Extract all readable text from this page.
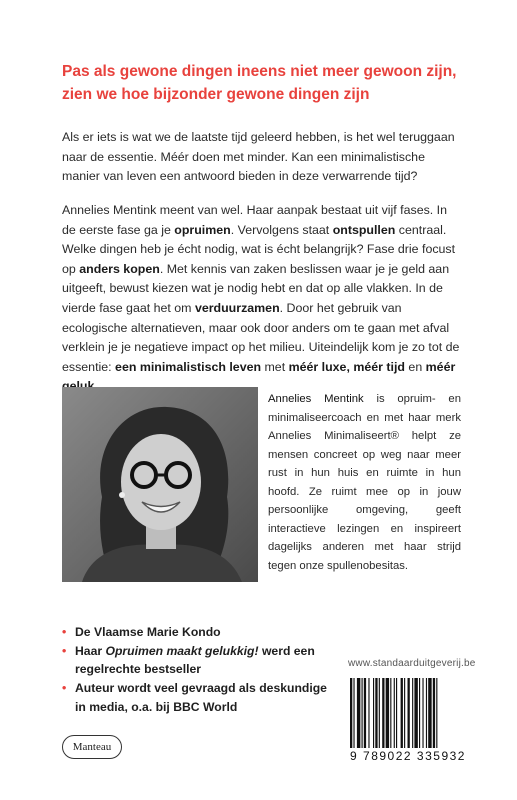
Pas als gewone dingen ineens niet meer gewoon zijn,
zien we hoe bijzonder gewone dingen zijn

Als er iets is wat we de laatste tijd geleerd hebben, is het wel teruggaan naar de essentie. Méér doen met minder. Kan een minimalistische manier van leven een antwoord bieden in deze verwarrende tijd?

Annelies Mentink meent van wel. Haar aanpak bestaat uit vijf fases. In de eerste fase ga je opruimen. Vervolgens staat ontspullen centraal. Welke dingen heb je écht nodig, wat is écht belangrijk? Fase drie focust op anders kopen. Met kennis van zaken beslissen waar je je geld aan uitgeeft, bewust kiezen wat je nodig hebt en dat op alle vlakken. In de vierde fase gaat het om verduurzamen. Door het gebruik van ecologische alternatieven, maar ook door anders om te gaan met afval verklein je je negatieve impact op het milieu. Uiteindelijk kom je zo tot de essentie: een minimalistisch leven met méér luxe, méér tijd en méér

Annelies Mentink is opruim- en minimaliseercoach en met haar merk Annelies Minimaliseert® helpt ze mensen concreet op weg naar meer rust in hun huis en ruimte in hun hoofd. Ze ruimt mee op in jouw persoonlijke omgeving, geeft interactieve lezingen en inspireert dagelijks anderen met haar strijd tegen onze spullenobesitas.

• De Vlaamse Marie Kondo
• Haar Opruimen maakt gelukkig! werd een regelrechte bestseller
• Auteur wordt veel gevraagd als deskundige in media, o.a. bij BBC World
Manteau
www.standaarduitgeverij.be
9 789022 335932
